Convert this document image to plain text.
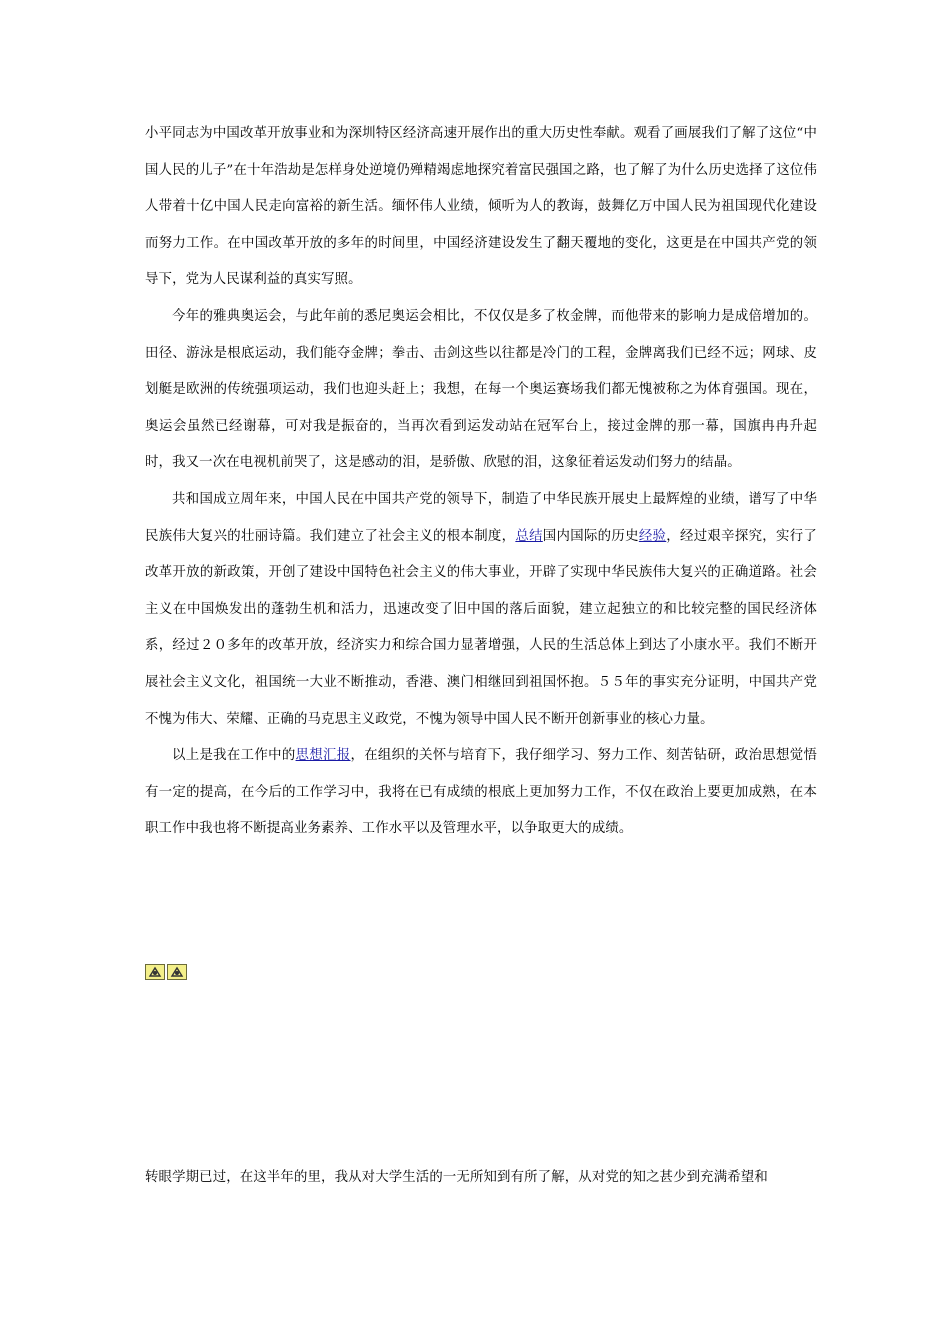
小平同志为中国改革开放事业和为深圳特区经济高速开展作出的重大历史性奉献。观看了画展我们了解了这位“中国人民的儿子”在十年浩劫是怎样身处逆境仍殚精竭虑地探究着富民强国之路，也了解了为什么历史选择了这位伟人带着十亿中国人民走向富裕的新生活。缅怀伟人业绩，倾听为人的教诲，鼓舞亿万中国人民为祖国现代化建设而努力工作。在中国改革开放的多年的时间里，中国经济建设发生了翻天覆地的变化，这更是在中国共产党的领导下，党为人民谋利益的真实写照。

今年的雅典奥运会，与此年前的悉尼奥运会相比，不仅仅是多了枚金牌，而他带来的影响力是成倍增加的。田径、游泳是根底运动，我们能夺金牌；拳击、击剑这些以往都是冷门的工程，金牌离我们已经不远；网球、皮划艇是欧洲的传统强项运动，我们也迎头赶上；我想，在每一个奥运赛场我们都无愧被称之为体育强国。现在，奥运会虽然已经谢幕，可对我是振奋的，当再次看到运发动站在冠军台上，接过金牌的那一幕，国旗冉冉升起时，我又一次在电视机前哭了，这是感动的泪，是骄傲、欣慰的泪，这象征着运发动们努力的结晶。

共和国成立周年来，中国人民在中国共产党的领导下，制造了中华民族开展史上最辉煌的业绩，谱写了中华民族伟大复兴的壮丽诗篇。我们建立了社会主义的根本制度，总结国内国际的历史经验，经过艰辛探究，实行了改革开放的新政策，开创了建设中国特色社会主义的伟大事业，开辟了实现中华民族伟大复兴的正确道路。社会主义在中国焕发出的蓬勃生机和活力，迅速改变了旧中国的落后面貌，建立起独立的和比较完整的国民经济体系，经过２０多年的改革开放，经济实力和综合国力显著增强，人民的生活总体上到达了小康水平。我们不断开展社会主义文化，祖国统一大业不断推动，香港、澳门相继回到祖国怀抱。５５年的事实充分证明，中国共产党不愧为伟大、荣耀、正确的马克思主义政党，不愧为领导中国人民不断开创新事业的核心力量。

以上是我在工作中的思想汇报，在组织的关怀与培育下，我仔细学习、努力工作、刻苦钻研，政治思想觉悟有一定的提高，在今后的工作学习中，我将在已有成绩的根底上更加努力工作，不仅在政治上要更加成熟，在本职工作中我也将不断提高业务素养、工作水平以及管理水平，以争取更大的成绩。

转眼学期已过，在这半年的里，我从对大学生活的一无所知到有所了解，从对党的知之甚少到充满希望和
